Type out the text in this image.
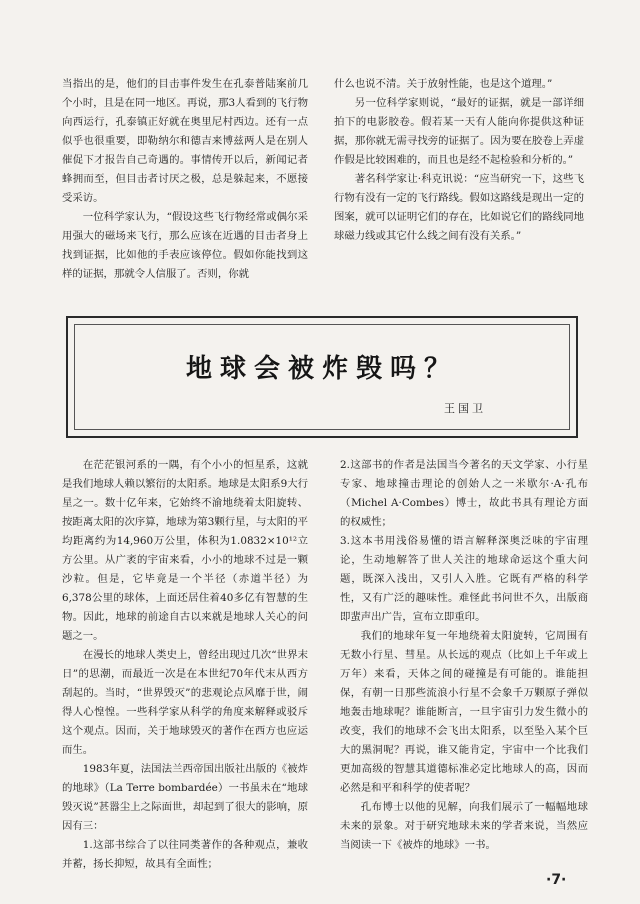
当指出的是，他们的目击事件发生在孔泰普陆案前几个小时，且是在同一地区。再说，那3人看到的飞行物向西运行，孔泰镇正好就在奥里尼村西边。还有一点似乎也很重要，即勒纳尔和德吉来博兹两人是在别人催促下才报告自己奇遇的。事情传开以后，新闻记者蜂拥而至，但目击者讨厌之极，总是躲起来，不愿接受采访。

一位科学家认为，“假设这些飞行物经常或偶尔采用强大的磁场来飞行，那么应该在近遇的目击者身上找到证据，比如他的手表应该停位。假如你能找到这样的证据，那就令人信服了。否则，你就

什么也说不清。关于放射性能，也是这个道理。”

另一位科学家则说，“最好的证据，就是一部详细拍下的电影胶卷。假若某一天有人能向你提供这种证据，那你就无需寻找旁的证据了。因为要在胶卷上弄虚作假是比较困难的，而且也是经不起检验和分析的。”

著名科学家让·科克讯说：“应当研究一下，这些飞行物有没有一定的飞行路线。假如这路线是现出一定的图案，就可以证明它们的存在，比如说它们的路线同地球磁力线或其它什么线之间有没有关系。”

地球会被炸毁吗？
王国卫

在茫茫银河系的一隅，有个小小的恒星系，这就是我们地球人赖以繁衍的太阳系。地球是太阳系9大行星之一。数十亿年来，它始终不渝地绕着太阳旋转、按距离太阳的次序算，地球为第3颗行星，与太阳的平均距离约为14,960万公里，体积为1.0832×10¹²立方公里。从广袤的宇宙来看，小小的地球不过是一颗沙粒。但是，它毕竟是一个半径（赤道半径）为6,378公里的球体，上面还居住着40多亿有智慧的生物。因此，地球的前途自古以来就是地球人关心的问题之一。

在漫长的地球人类史上，曾经出现过几次“世界末日”的思潮，而最近一次是在本世纪70年代末从西方刮起的。当时，“世界毁灭”的悲观论点风靡于世，闹得人心惶惶。一些科学家从科学的角度来解释或驳斥这个观点。因而，关于地球毁灭的著作在西方也应运而生。

1983年夏，法国法兰西帝国出版社出版的《被炸的地球》（La Terre bombardée）一书虽未在“地球毁灭说”甚嚣尘上之际面世，却起到了很大的影响，原因有三：

1.这部书综合了以往同类著作的各种观点，兼收并蓄，扬长抑短，故具有全面性；

2.这部书的作者是法国当今著名的天文学家、小行星专家、地球撞击理论的创始人之一米歇尔·A·孔布（Michel A·Combes）博士，故此书具有理论方面的权威性；

3.这本书用浅俗易懂的语言解释深奥泛味的宇宙理论，生动地解答了世人关注的地球命运这个重大问题，既深入浅出，又引人入胜。它既有严格的科学性，又有广泛的趣味性。难怪此书问世不久，出版商即蜚声出广告，宣布立即重印。

我们的地球年复一年地绕着太阳旋转，它周围有无数小行星、彗星。从长远的观点（比如上千年或上万年）来看，天体之间的碰撞是有可能的。谁能担保，有朝一日那些流浪小行星不会象千万颗原子弹似地轰击地球呢？谁能断言，一旦宇宙引力发生微小的改变，我们的地球不会飞出太阳系，以至坠入某个巨大的黑洞呢？再说，谁又能肯定，宇宙中一个比我们更加高级的智慧其道德标准必定比地球人的高，因而必然是和平和科学的使者呢？

孔布博士以他的见解，向我们展示了一幅幅地球未来的景象。对于研究地球未来的学者来说，当然应当阅读一下《被炸的地球》一书。

·7·
